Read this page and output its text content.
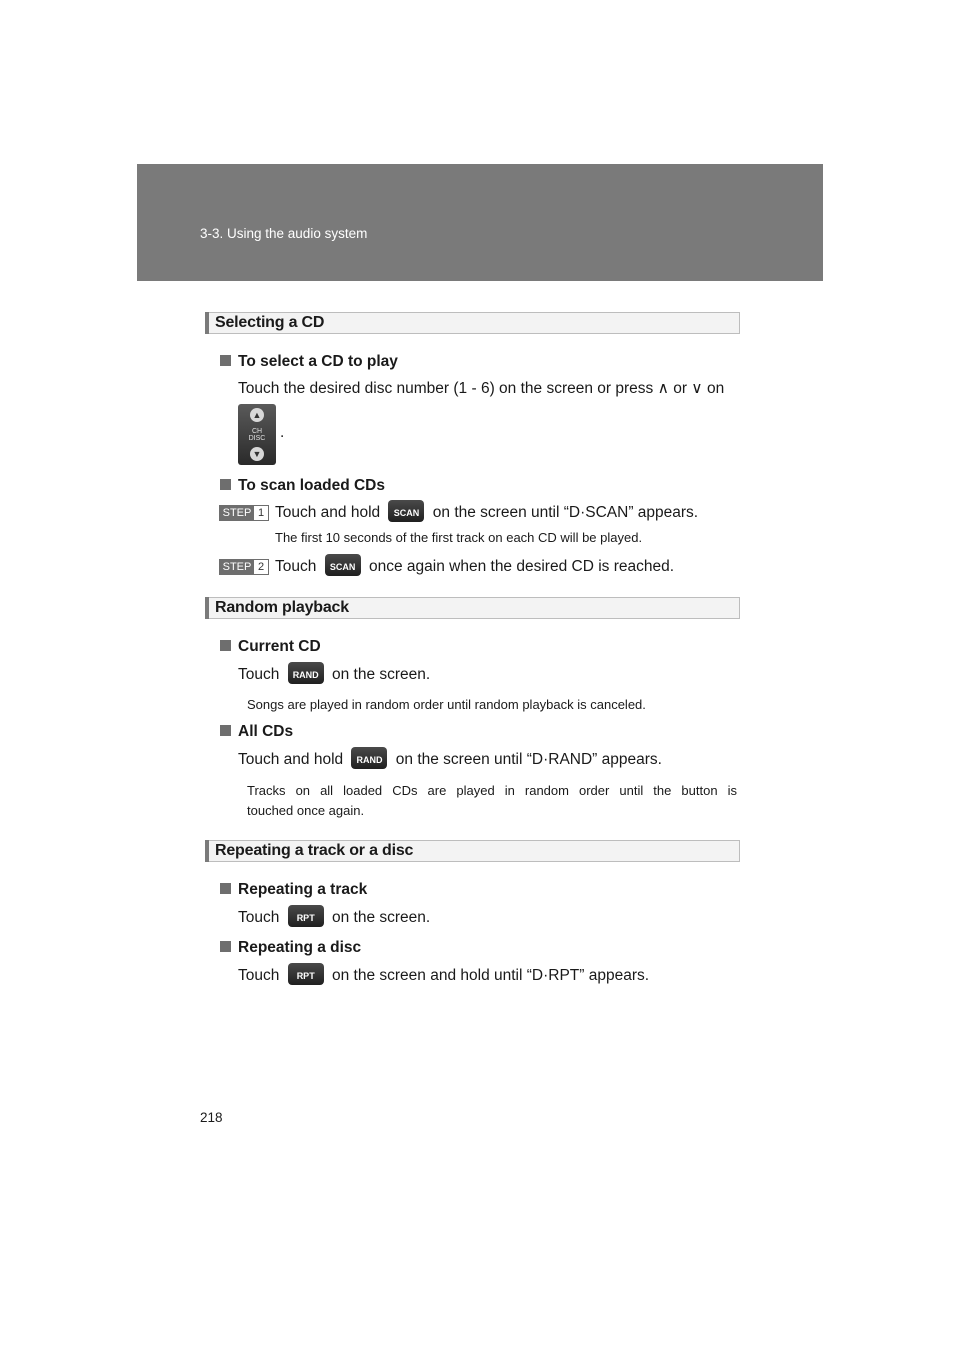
3-3. Using the audio system
Selecting a CD
To select a CD to play
Touch the desired disc number (1 - 6) on the screen or press ∧ or ∨ on
▲
CH
DISC
▼
.
To scan loaded CDs
STEP 1 Touch and hold SCAN on the screen until “D·SCAN” appears.
The first 10 seconds of the first track on each CD will be played.
STEP 2 Touch SCAN once again when the desired CD is reached.
Random playback
Current CD
Touch RAND on the screen.
Songs are played in random order until random playback is canceled.
All CDs
Touch and hold RAND on the screen until “D·RAND” appears.
Tracks on all loaded CDs are played in random order until the button is
touched once again.
Repeating a track or a disc
Repeating a track
Touch RPT on the screen.
Repeating a disc
Touch RPT on the screen and hold until “D·RPT” appears.
218
